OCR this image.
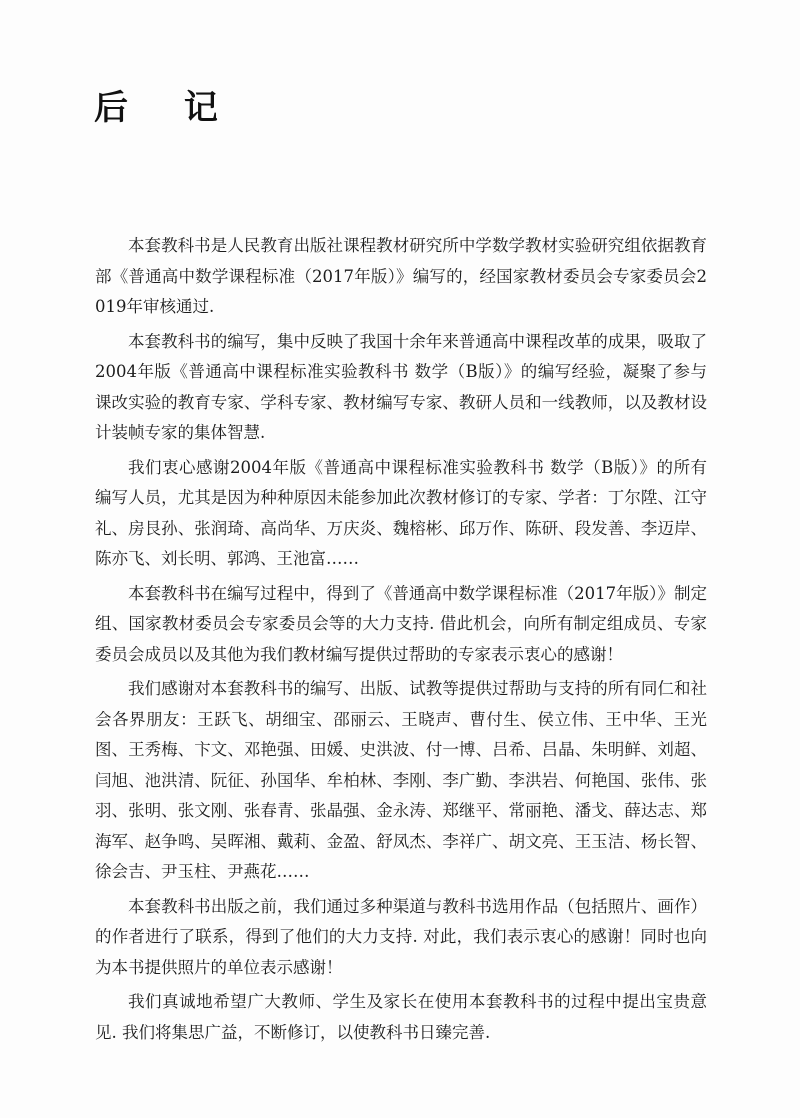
后 记

本套教科书是人民教育出版社课程教材研究所中学数学教材实验研究组依据教育部《普通高中数学课程标准（2017年版）》编写的，经国家教材委员会专家委员会2019年审核通过.

本套教科书的编写，集中反映了我国十余年来普通高中课程改革的成果，吸取了2004年版《普通高中课程标准实验教科书 数学（B版）》的编写经验，凝聚了参与课改实验的教育专家、学科专家、教材编写专家、教研人员和一线教师，以及教材设计装帧专家的集体智慧.

我们衷心感谢2004年版《普通高中课程标准实验教科书 数学（B版）》的所有编写人员，尤其是因为种种原因未能参加此次教材修订的专家、学者：丁尔陞、江守礼、房艮孙、张润琦、高尚华、万庆炎、魏榕彬、邱万作、陈研、段发善、李迈岸、陈亦飞、刘长明、郭鸿、王池富……

本套教科书在编写过程中，得到了《普通高中数学课程标准（2017年版）》制定组、国家教材委员会专家委员会等的大力支持. 借此机会，向所有制定组成员、专家委员会成员以及其他为我们教材编写提供过帮助的专家表示衷心的感谢！

我们感谢对本套教科书的编写、出版、试教等提供过帮助与支持的所有同仁和社会各界朋友：王跃飞、胡细宝、邵丽云、王晓声、曹付生、侯立伟、王中华、王光图、王秀梅、卞文、邓艳强、田媛、史洪波、付一博、吕希、吕晶、朱明鲜、刘超、闫旭、池洪清、阮征、孙国华、牟柏林、李刚、李广勤、李洪岩、何艳国、张伟、张羽、张明、张文刚、张春青、张晶强、金永涛、郑继平、常丽艳、潘戈、薛达志、郑海军、赵争鸣、吴晖湘、戴莉、金盈、舒凤杰、李祥广、胡文亮、王玉洁、杨长智、徐会吉、尹玉柱、尹燕花……

本套教科书出版之前，我们通过多种渠道与教科书选用作品（包括照片、画作）的作者进行了联系，得到了他们的大力支持. 对此，我们表示衷心的感谢！同时也向为本书提供照片的单位表示感谢！

我们真诚地希望广大教师、学生及家长在使用本套教科书的过程中提出宝贵意见. 我们将集思广益，不断修订，以使教科书日臻完善.
